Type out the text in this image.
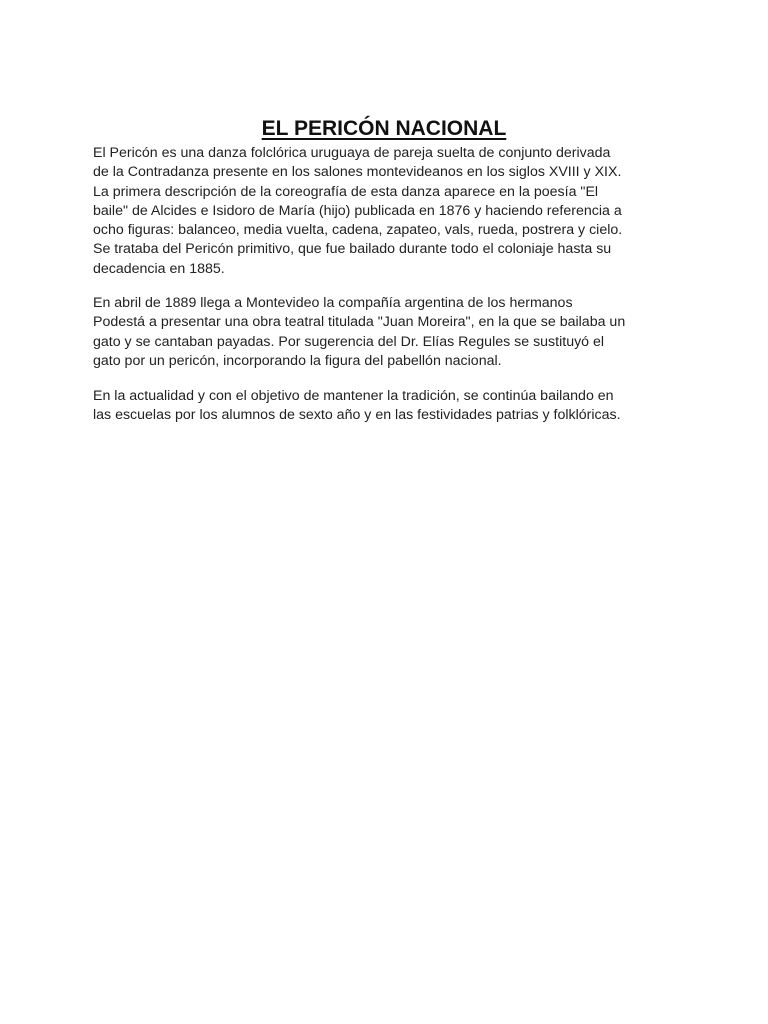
EL PERICÓN NACIONAL

El Pericón es una danza folclórica uruguaya de pareja suelta de conjunto derivada
de la Contradanza presente en los salones montevideanos en los siglos XVIII y XIX.
La primera descripción de la coreografía de esta danza aparece en la poesía "El
baile" de Alcides e Isidoro de María (hijo) publicada en 1876 y haciendo referencia a
ocho figuras: balanceo, media vuelta, cadena, zapateo, vals, rueda, postrera y cielo.
Se trataba del Pericón primitivo, que fue bailado durante todo el coloniaje hasta su
decadencia en 1885.

En abril de 1889 llega a Montevideo la compañía argentina de los hermanos
Podestá a presentar una obra teatral titulada "Juan Moreira", en la que se bailaba un
gato y se cantaban payadas. Por sugerencia del Dr. Elías Regules se sustituyó el
gato por un pericón, incorporando la figura del pabellón nacional.

En la actualidad y con el objetivo de mantener la tradición, se continúa bailando en
las escuelas por los alumnos de sexto año y en las festividades patrias y folklóricas.
